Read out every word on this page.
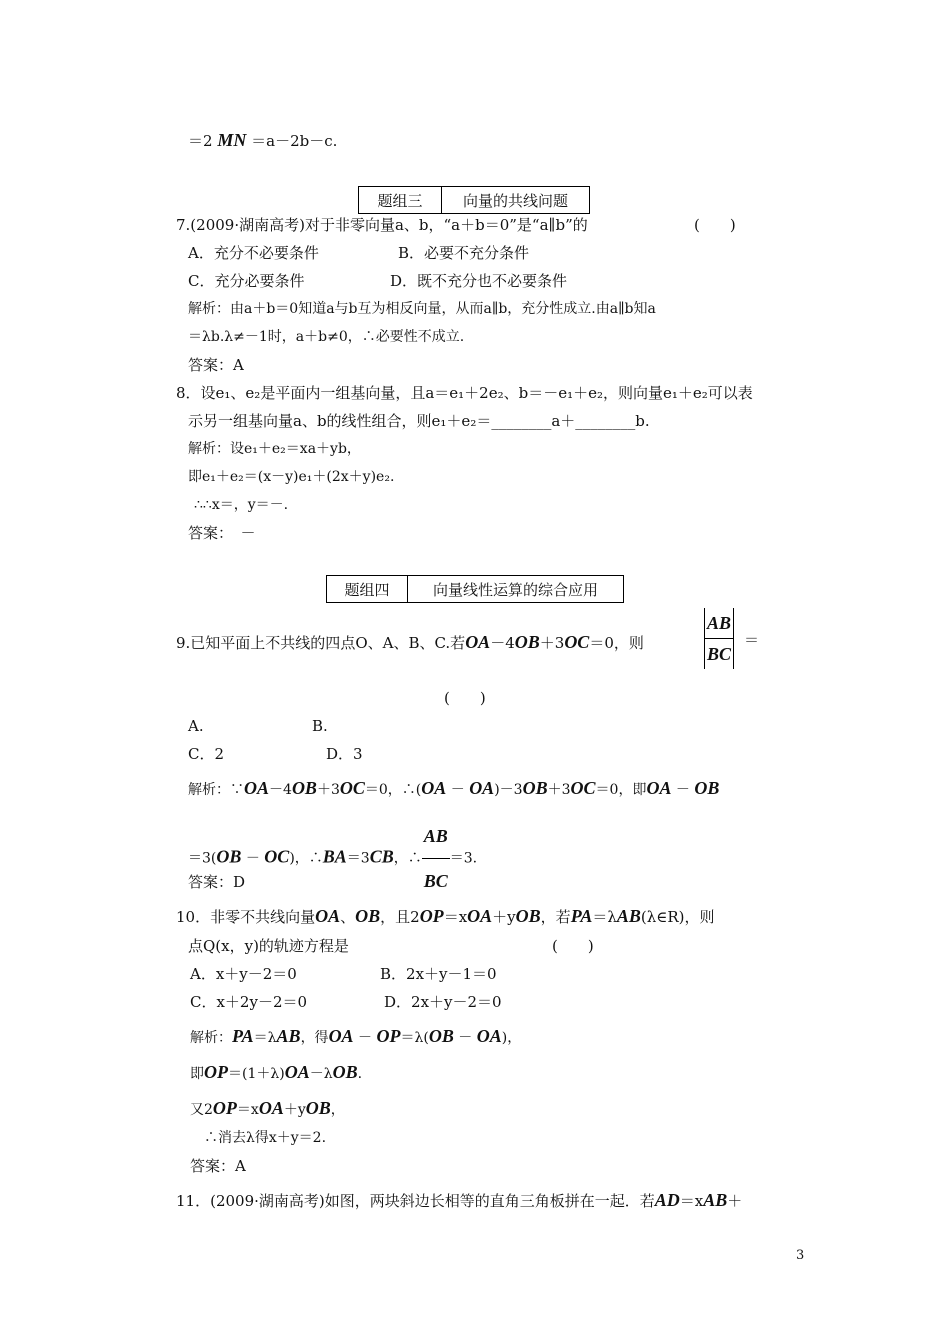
＝2 MN ＝a－2b－c.
题组三	向量的共线问题
7.(2009·湖南高考)对于非零向量a、b，“a＋b＝0”是“a∥b”的	(　　)
A．充分不必要条件	B．必要不充分条件
C．充分必要条件	D．既不充分也不必要条件
解析：由a＋b＝0知道a与b互为相反向量，从而a∥b，充分性成立.由a∥b知a
＝λb.λ≠－1时，a＋b≠0，∴必要性不成立.
答案：A
8．设e₁、e₂是平面内一组基向量，且a＝e₁＋2e₂、b＝－e₁＋e₂，则向量e₁＋e₂可以表
示另一组基向量a、b的线性组合，则e₁＋e₂＝________a＋________b.
解析：设e₁＋e₂＝xa＋yb，
即e₁＋e₂＝(x－y)e₁＋(2x＋y)e₂.
∴∴x＝，y＝－.
答案：　－
题组四	向量线性运算的综合应用
9.已知平面上不共线的四点O、A、B、C.若OA－4OB＋3OC＝0，则	$\frac{AB}{BC}$ ＝
(　　)
A.	B.
C．2	D．3
解析：∵OA－4OB＋3OC＝0，∴(OA － OA)－3OB＋3OC＝0，即OA － OB
＝3(OB － OC)，∴BA＝3CB，∴ $\frac{AB}{BC} =3$.
答案：D
10．非零不共线向量OA、OB，且2OP＝xOA＋yOB，若PA＝λAB(λ∈R)，则
点Q(x，y)的轨迹方程是	(　　)
A．x＋y－2＝0	B．2x＋y－1＝0
C．x＋2y－2＝0	D．2x＋y－2＝0
解析：PA＝λAB，得OA － OP＝λ(OB － OA)，
即OP＝(1＋λ)OA－λOB.
又2OP＝xOA＋yOB，
∴消去λ得x＋y＝2.
答案：A
11．(2009·湖南高考)如图，两块斜边长相等的直角三角板拼在一起．若AD＝xAB＋
3
